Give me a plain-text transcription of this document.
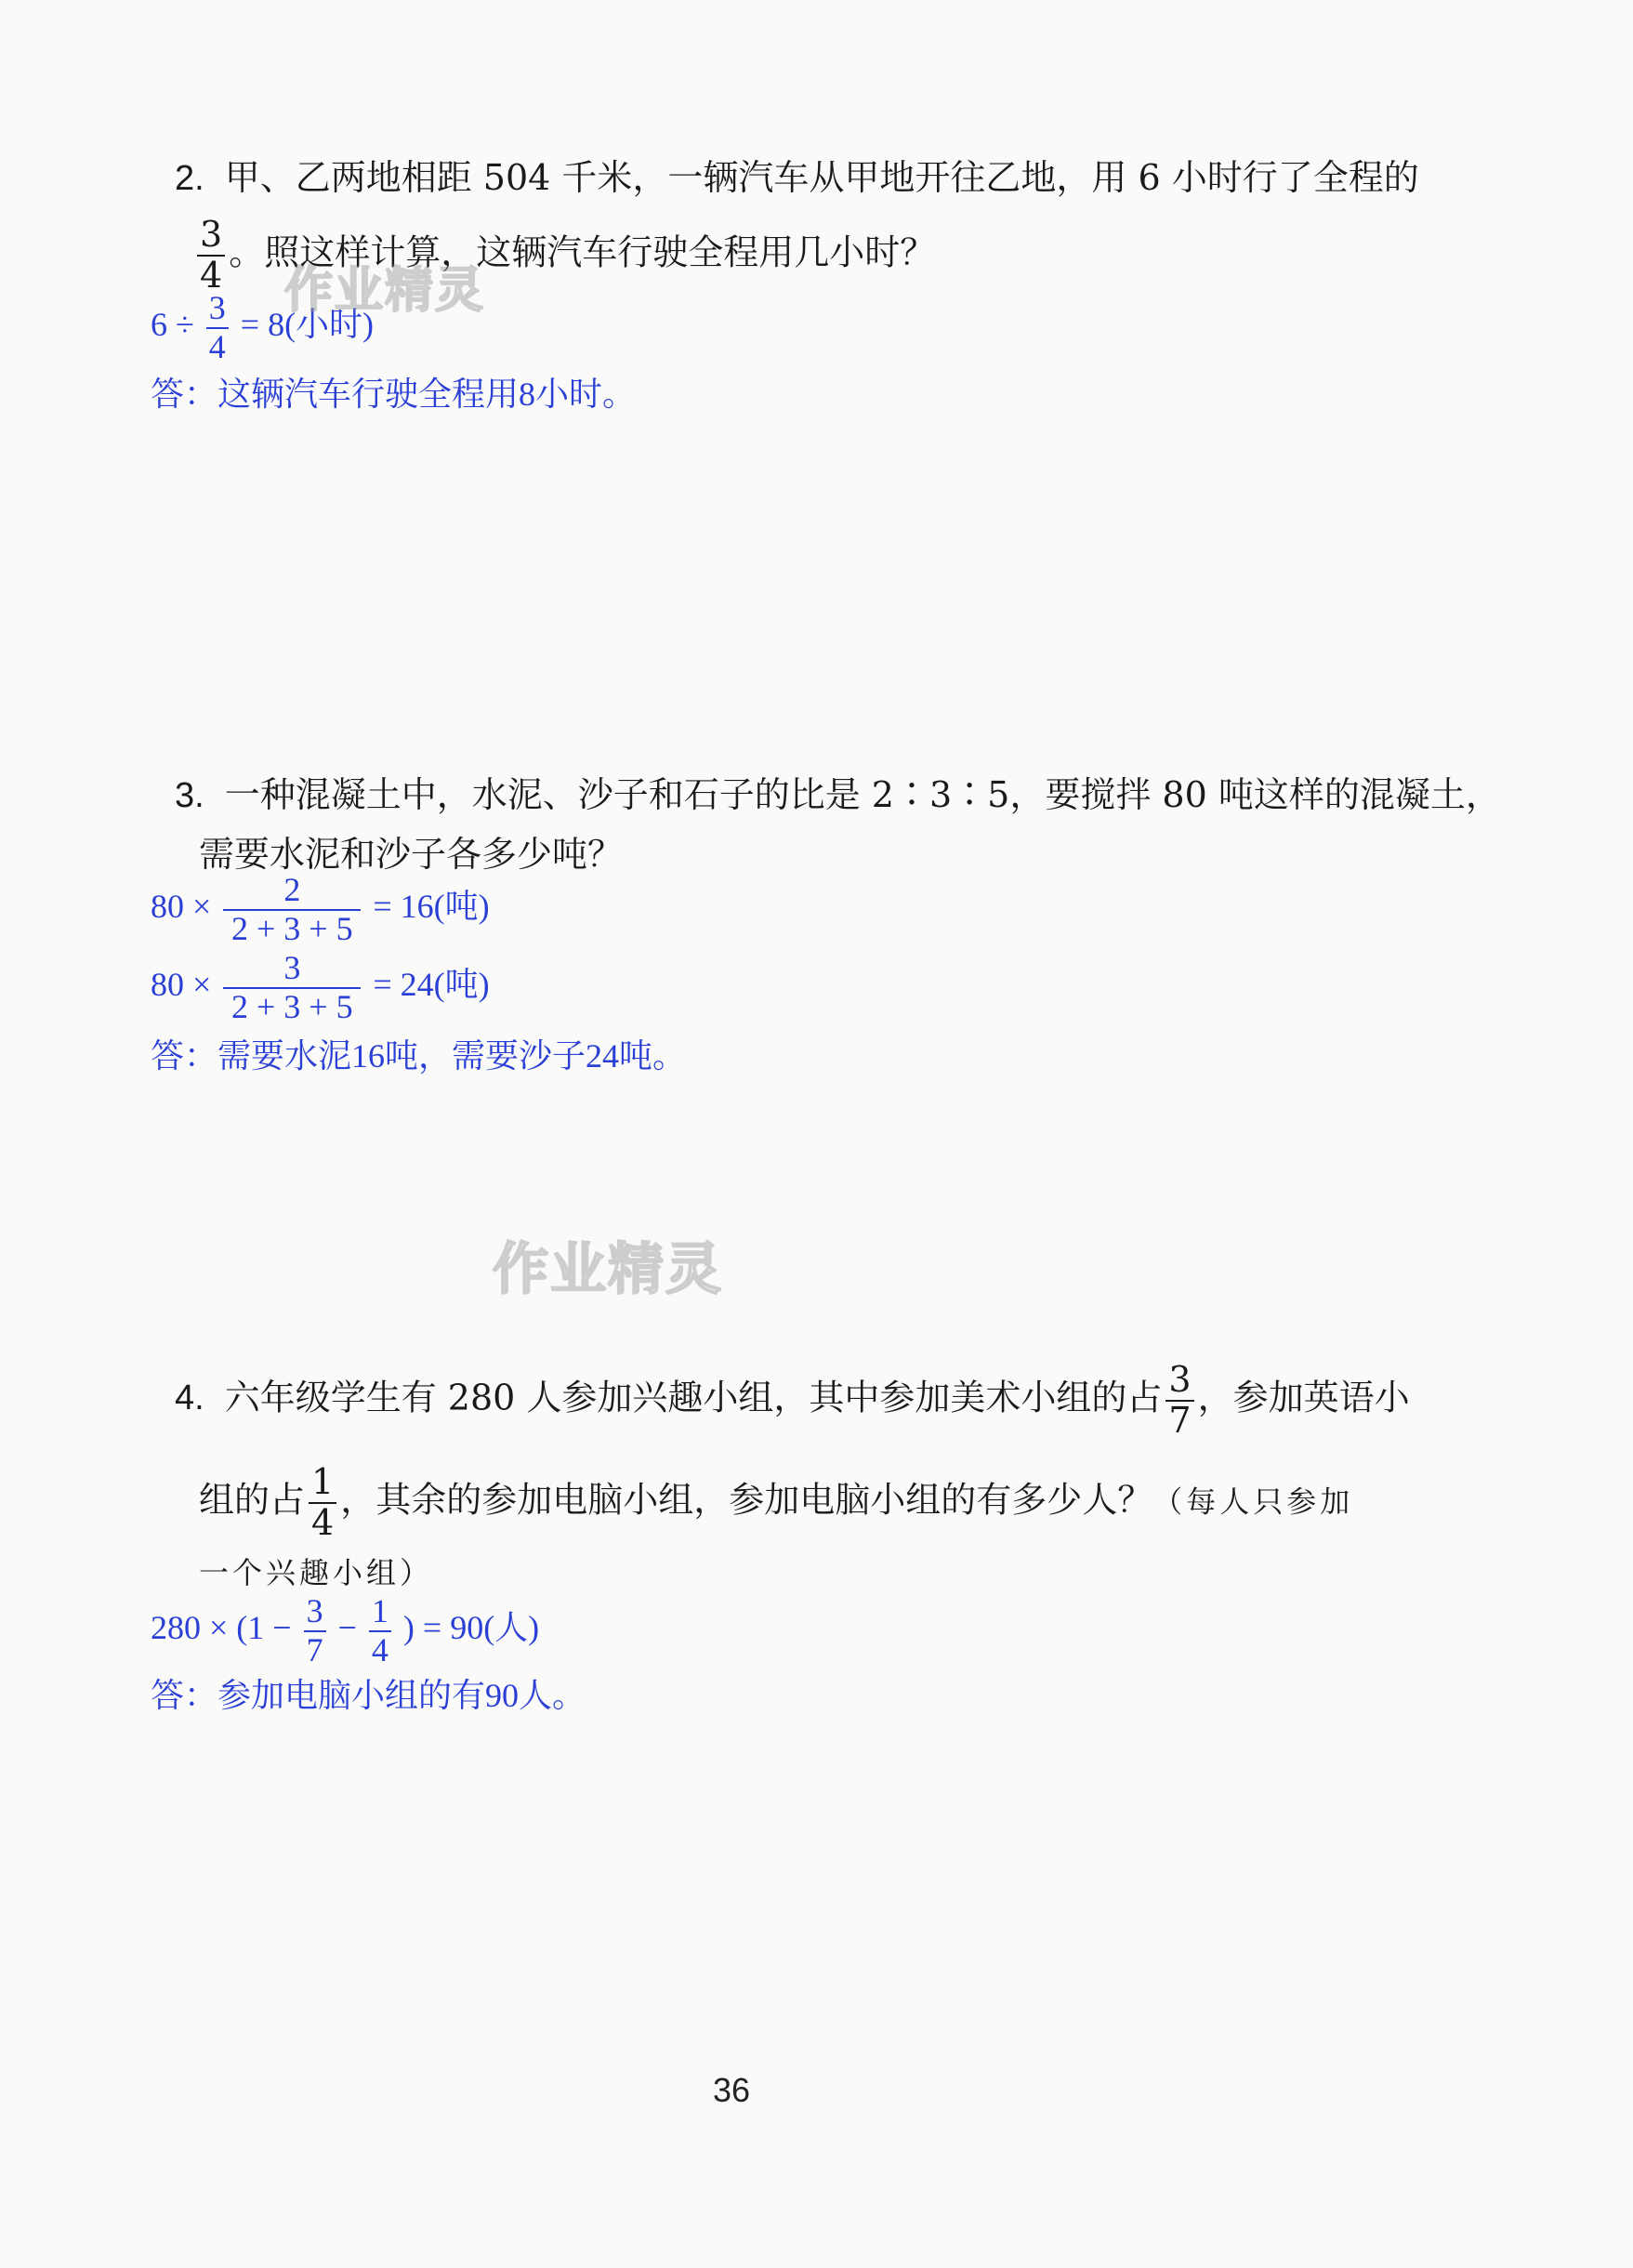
2. 甲、乙两地相距 504 千米，一辆汽车从甲地开往乙地，用 6 小时行了全程的
$\frac{3}{4}$ 。照这样计算，这辆汽车行驶全程用几小时？
$6 \div \frac{3}{4} = 8$(小时)
答：这辆汽车行驶全程用8小时。
3. 一种混凝土中，水泥、沙子和石子的比是 2∶3∶5，要搅拌 80 吨这样的混凝土，
需要水泥和沙子各多少吨？
$80 \times \frac{2}{2 + 3 + 5} = 16$(吨)
$80 \times \frac{3}{2 + 3 + 5} = 24$(吨)
答：需要水泥16吨，需要沙子24吨。
作业精灵
作业精灵
4. 六年级学生有 280 人参加兴趣小组，其中参加美术小组的占 $\frac{3}{7}$ ，参加英语小
组的占 $\frac{1}{4}$ ，其余的参加电脑小组，参加电脑小组的有多少人？（每人只参加
一个兴趣小组）
$280 \times (1 - \frac{3}{7} - \frac{1}{4}$ ) = 90(人)
答：参加电脑小组的有90人。
36
